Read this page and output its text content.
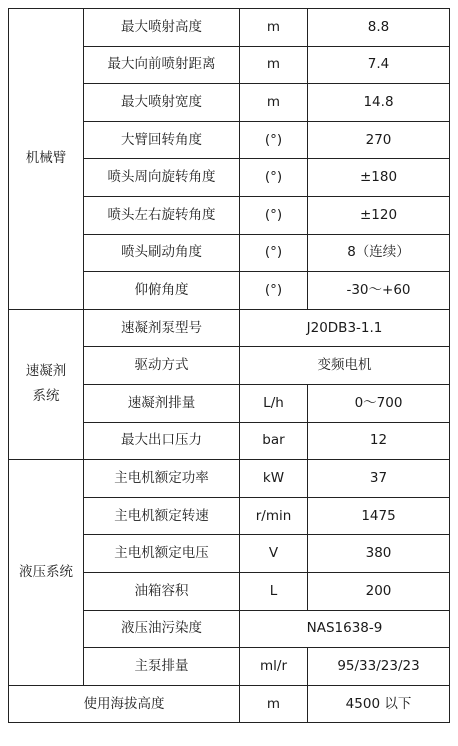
机械臂	最大喷射高度	m	8.8
	最大向前喷射距离	m	7.4
	最大喷射宽度	m	14.8
	大臂回转角度	(°)	270
	喷头周向旋转角度	(°)	±180
	喷头左右旋转角度	(°)	±120
	喷头刷动角度	(°)	8（连续）
	仰俯角度	(°)	-30～+60
速凝剂
系统	速凝剂泵型号	J20DB3-1.1	
	驱动方式	变频电机	
	速凝剂排量	L/h	0～700
	最大出口压力	bar	12
液压系统	主电机额定功率	kW	37
	主电机额定转速	r/min	1475
	主电机额定电压	V	380
	油箱容积	L	200
	液压油污染度	NAS1638-9	
	主泵排量	ml/r	95/33/23/23
使用海拔高度		m	4500 以下
